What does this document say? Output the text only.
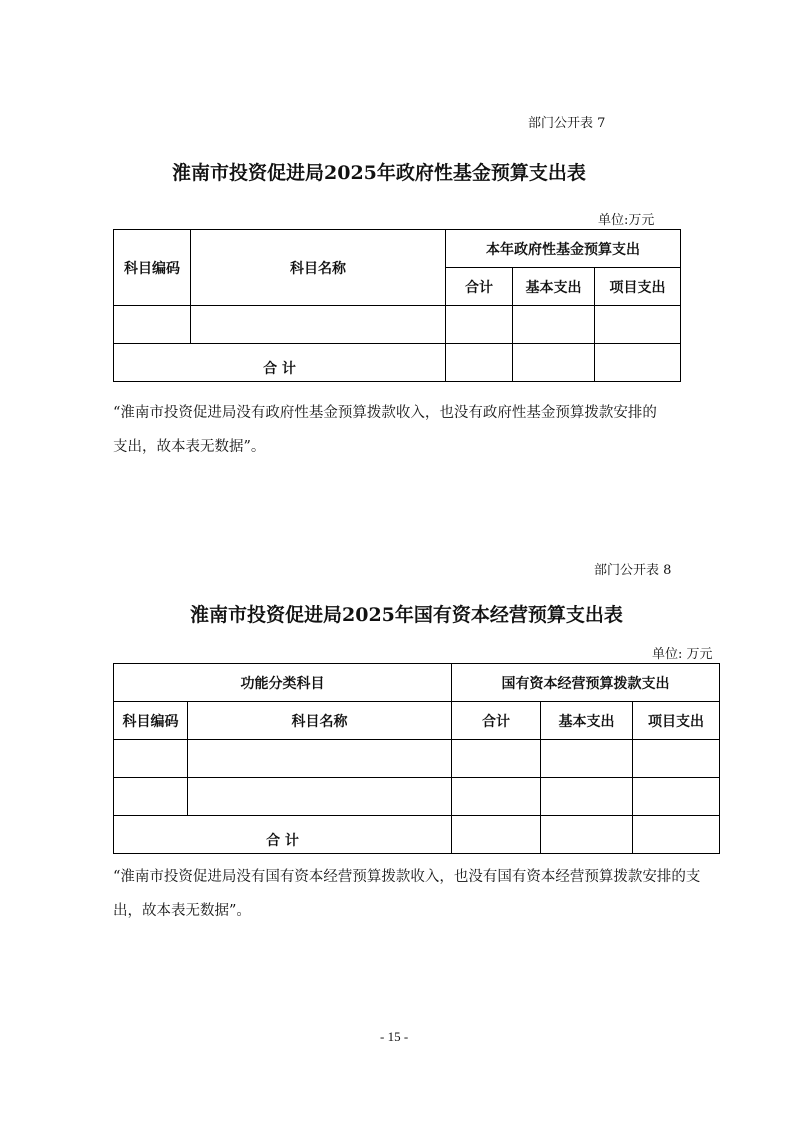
部门公开表 7
淮南市投资促进局2025年政府性基金预算支出表
单位:万元
科目编码	科目名称	本年政府性基金预算支出		
		合计	基本支出	项目支出

合 计				
“淮南市投资促进局没有政府性基金预算拨款收入，也没有政府性基金预算拨款安排的支出，故本表无数据”。
部门公开表 8
淮南市投资促进局2025年国有资本经营预算支出表
单位: 万元
功能分类科目		国有资本经营预算拨款支出		
科目编码	科目名称	合计	基本支出	项目支出

合 计				
“淮南市投资促进局没有国有资本经营预算拨款收入，也没有国有资本经营预算拨款安排的支出，故本表无数据”。
- 15 -
